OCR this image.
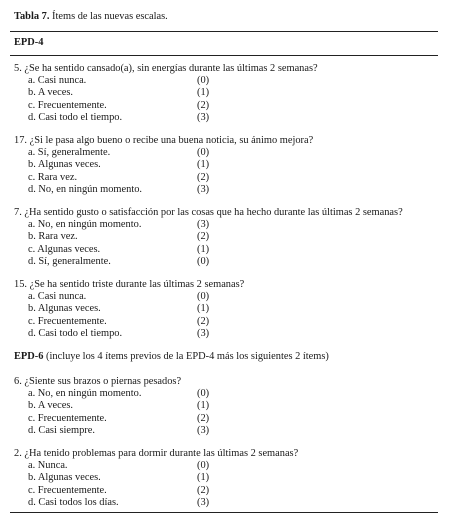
Tabla 7. Ítems de las nuevas escalas.
EPD-4
5. ¿Se ha sentido cansado(a), sin energías durante las últimas 2 semanas?
a. Casi nunca.	(0)
b. A veces.	(1)
c. Frecuentemente.	(2)
d. Casi todo el tiempo.	(3)
17. ¿Si le pasa algo bueno o recibe una buena noticia, su ánimo mejora?
a. Sí, generalmente.	(0)
b. Algunas veces.	(1)
c. Rara vez.	(2)
d. No, en ningún momento.	(3)
7. ¿Ha sentido gusto o satisfacción por las cosas que ha hecho durante las últimas 2 semanas?
a. No, en ningún momento.	(3)
b. Rara vez.	(2)
c. Algunas veces.	(1)
d. Sí, generalmente.	(0)
15. ¿Se ha sentido triste durante las últimas 2 semanas?
a. Casi nunca.	(0)
b. Algunas veces.	(1)
c. Frecuentemente.	(2)
d. Casi todo el tiempo.	(3)
EPD-6 (incluye los 4 ítems previos de la EPD-4 más los siguientes 2 ítems)
6. ¿Siente sus brazos o piernas pesados?
a. No, en ningún momento.	(0)
b. A veces.	(1)
c. Frecuentemente.	(2)
d. Casi siempre.	(3)
2. ¿Ha tenido problemas para dormir durante las últimas 2 semanas?
a. Nunca.	(0)
b. Algunas veces.	(1)
c. Frecuentemente.	(2)
d. Casi todos los días.	(3)
